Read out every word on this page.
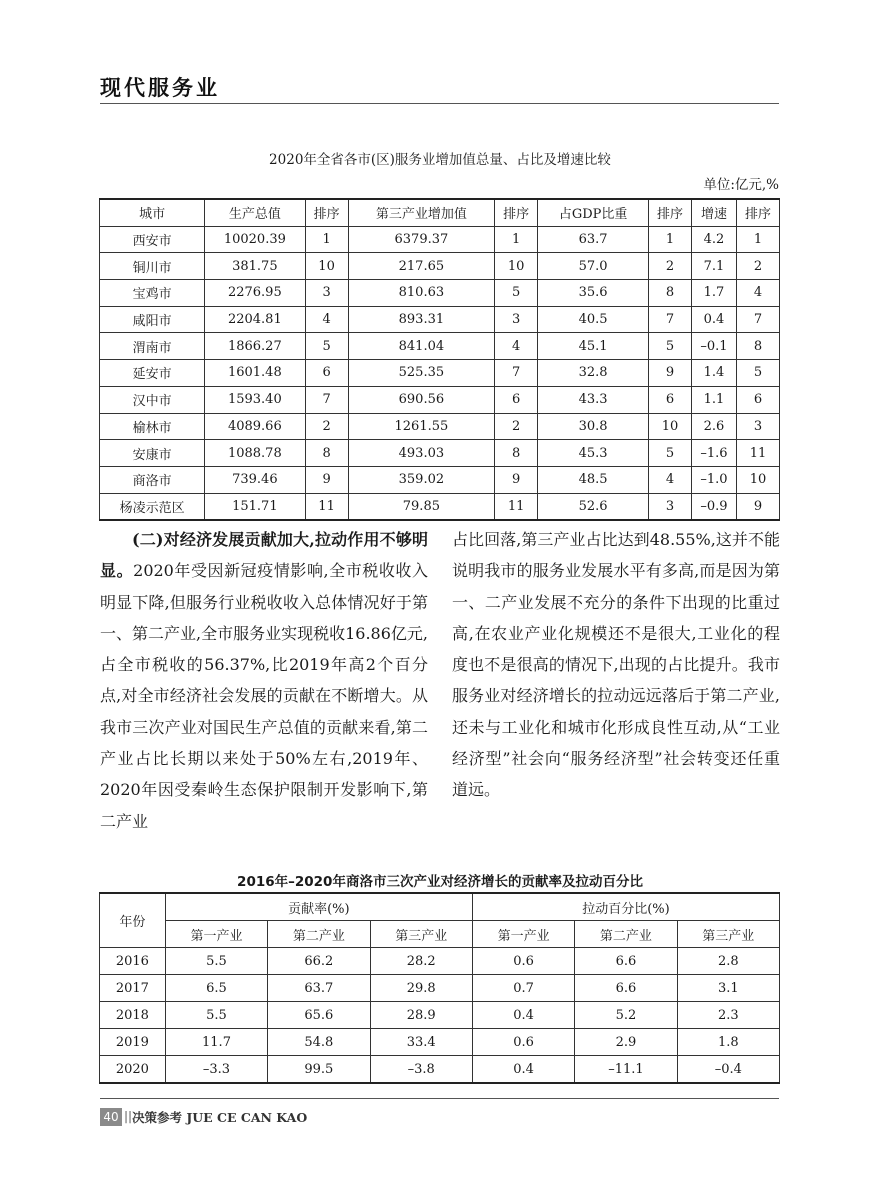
现代服务业
2020年全省各市(区)服务业增加值总量、占比及增速比较
单位:亿元,%
城市	生产总值	排序	第三产业增加值	排序	占GDP比重	排序	增速	排序
西安市	10020.39	1	6379.37	1	63.7	1	4.2	1
铜川市	381.75	10	217.65	10	57.0	2	7.1	2
宝鸡市	2276.95	3	810.63	5	35.6	8	1.7	4
咸阳市	2204.81	4	893.31	3	40.5	7	0.4	7
渭南市	1866.27	5	841.04	4	45.1	5	–0.1	8
延安市	1601.48	6	525.35	7	32.8	9	1.4	5
汉中市	1593.40	7	690.56	6	43.3	6	1.1	6
榆林市	4089.66	2	1261.55	2	30.8	10	2.6	3
安康市	1088.78	8	493.03	8	45.3	5	–1.6	11
商洛市	739.46	9	359.02	9	48.5	4	–1.0	10
杨凌示范区	151.71	11	79.85	11	52.6	3	–0.9	9

(二)对经济发展贡献加大,拉动作用不够明显。2020年受因新冠疫情影响,全市税收收入明显下降,但服务行业税收收入总体情况好于第一、第二产业,全市服务业实现税收16.86亿元,占全市税收的56.37%,比2019年高2个百分点,对全市经济社会发展的贡献在不断增大。从我市三次产业对国民生产总值的贡献来看,第二产业占比长期以来处于50%左右,2019年、2020年因受秦岭生态保护限制开发影响下,第二产业

占比回落,第三产业占比达到48.55%,这并不能说明我市的服务业发展水平有多高,而是因为第一、二产业发展不充分的条件下出现的比重过高,在农业产业化规模还不是很大,工业化的程度也不是很高的情况下,出现的占比提升。我市服务业对经济增长的拉动远远落后于第二产业,还未与工业化和城市化形成良性互动,从“工业经济型”社会向“服务经济型”社会转变还任重道远。

2016年–2020年商洛市三次产业对经济增长的贡献率及拉动百分比
年份	贡献率(%)			拉动百分比(%)		
	第一产业	第二产业	第三产业	第一产业	第二产业	第三产业
2016	5.5	66.2	28.2	0.6	6.6	2.8
2017	6.5	63.7	29.8	0.7	6.6	3.1
2018	5.5	65.6	28.9	0.4	5.2	2.3
2019	11.7	54.8	33.4	0.6	2.9	1.8
2020	–3.3	99.5	–3.8	0.4	–11.1	–0.4
40 || 决策参考 JUE CE CAN KAO
